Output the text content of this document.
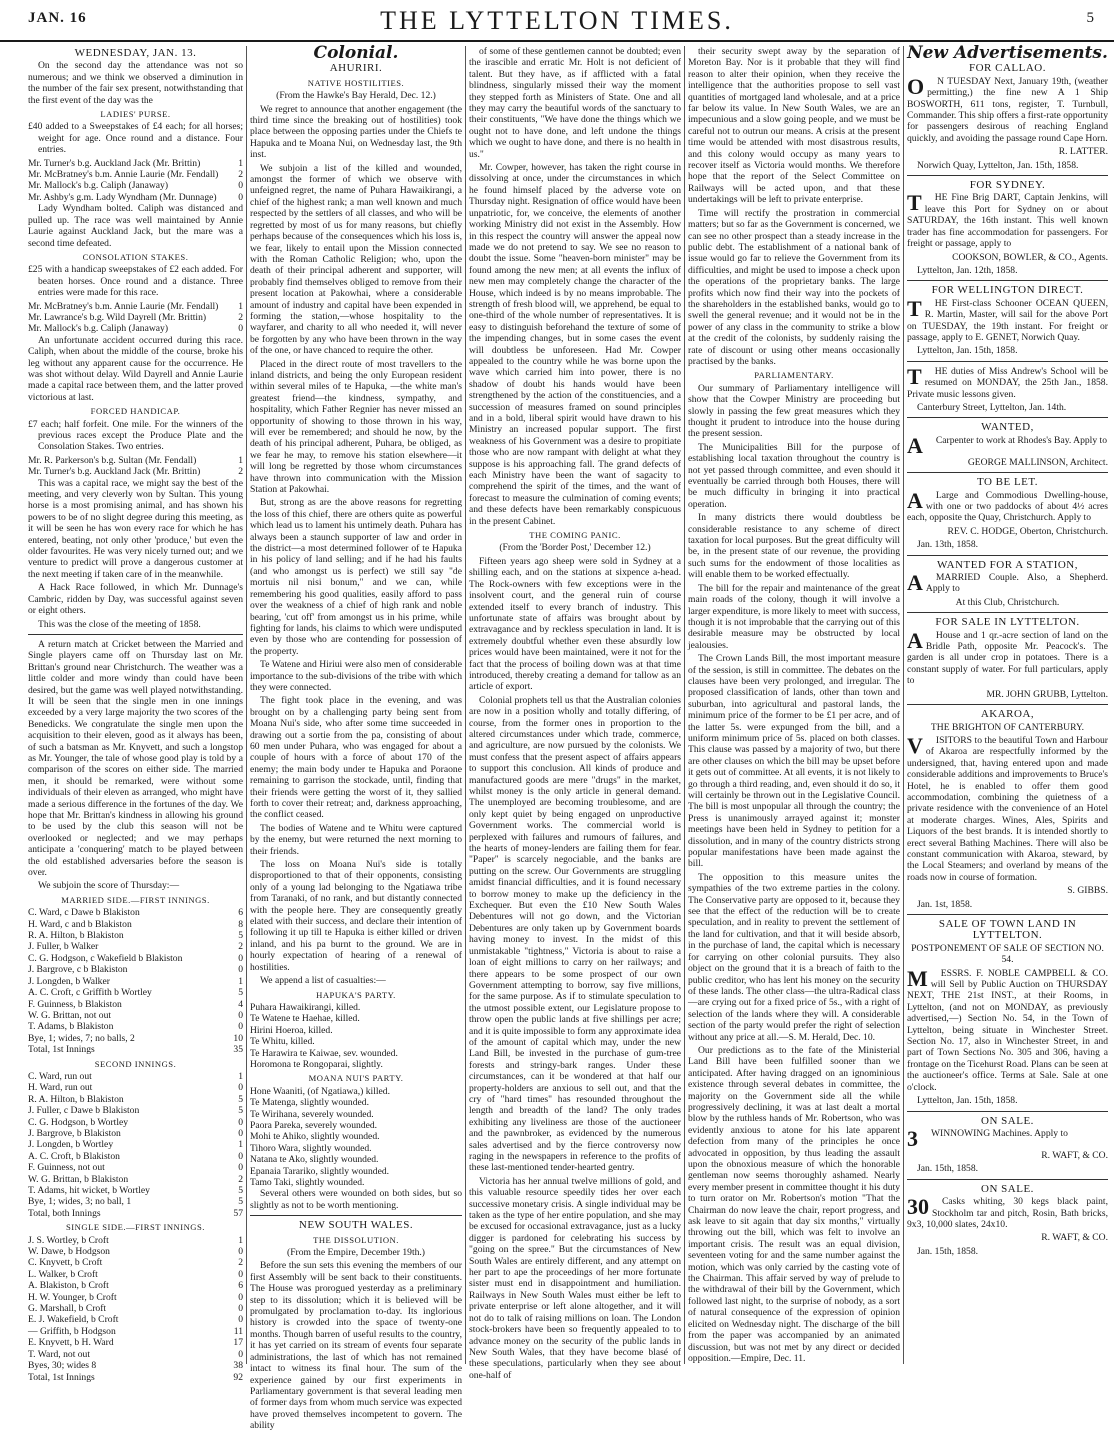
JAN. 16	THE LYTTELTON TIMES.	5

WEDNESDAY, JAN. 13.

On the second day the attendance was not so numerous; and we think we observed a diminution in the number of the fair sex present, notwithstanding that the first event of the day was the

LADIES' PURSE.

£40 added to a Sweepstakes of £4 each; for all horses; weight for age. Once round and a distance. Four entries.

Mr. Turner's b.g. Auckland Jack (Mr. Brittin)	1
Mr. McBratney's b.m. Annie Laurie (Mr. Fendall)	2
Mr. Mallock's b.g. Caliph (Janaway)	0
Mr. Ashby's g.m. Lady Wyndham (Mr. Dunnage)	0

Lady Wyndham bolted. Caliph was distanced and pulled up. The race was well maintained by Annie Laurie against Auckland Jack, but the mare was a second time defeated.

CONSOLATION STAKES.

£25 with a handicap sweepstakes of £2 each added. For beaten horses. Once round and a distance. Three entries were made for this race.

Mr. McBratney's b.m. Annie Laurie (Mr. Fendall)	1
Mr. Lawrance's b.g. Wild Dayrell (Mr. Brittin)	2
Mr. Mallock's b.g. Caliph (Janaway)	0

An unfortunate accident occurred during this race. Caliph, when about the middle of the course, broke his leg without any apparent cause for the occurrence. He was shot without delay. Wild Dayrell and Annie Laurie made a capital race between them, and the latter proved victorious at last.

FORCED HANDICAP.

£7 each; half forfeit. One mile. For the winners of the previous races except the Produce Plate and the Consolation Stakes. Two entries.

Mr. R. Parkerson's b.g. Sultan (Mr. Fendall)	1
Mr. Turner's b.g. Auckland Jack (Mr. Brittin)	2

This was a capital race, we might say the best of the meeting, and very cleverly won by Sultan. This young horse is a most promising animal, and has shown his powers to be of no slight degree during this meeting, as it will be seen he has won every race for which he has entered, beating, not only other 'produce,' but even the older favourites. He was very nicely turned out; and we venture to predict will prove a dangerous customer at the next meeting if taken care of in the meanwhile.

A Hack Race followed, in which Mr. Dunnage's Cambric, ridden by Day, was successful against seven or eight others.

This was the close of the meeting of 1858.

A return match at Cricket between the Married and Single players came off on Thursday last on Mr. Brittan's ground near Christchurch. The weather was a little colder and more windy than could have been desired, but the game was well played notwithstanding. It will be seen that the single men in one innings exceeded by a very large majority the two scores of the Benedicks. We congratulate the single men upon the acquisition to their eleven, good as it always has been, of such a batsman as Mr. Knyvett, and such a longstop as Mr. Younger, the tale of whose good play is told by a comparison of the scores on either side. The married men, it should be remarked, were without some individuals of their eleven as arranged, who might have made a serious difference in the fortunes of the day. We hope that Mr. Brittan's kindness in allowing his ground to be used by the club this season will not be overlooked or neglected; and we may perhaps anticipate a 'conquering' match to be played between the old established adversaries before the season is over.

We subjoin the score of Thursday:—

MARRIED SIDE.—FIRST INNINGS.

C. Ward, c Dawe b Blakiston	6
H. Ward, c and b Blakiston	8
R. A. Hilton, b Blakiston	5
J. Fuller, b Walker	2
C. G. Hodgson, c Wakefield b Blakiston	0
J. Bargrove, c b Blakiston	0
J. Longden, b Walker	1
A. C. Croft, c Griffith b Wortley	5
F. Guinness, b Blakiston	4
W. G. Brittan, not out	0
T. Adams, b Blakiston	0
Bye, 1; wides, 7; no balls, 2	10
Total, 1st Innings	35

SECOND INNINGS.

C. Ward, run out	1
H. Ward, run out	0
R. A. Hilton, b Blakiston	5
J. Fuller, c Dawe b Blakiston	5
C. G. Hodgson, b Wortley	0
J. Bargrove, b Blakiston	0
J. Longden, b Wortley	1
A. C. Croft, b Blakiston	0
F. Guinness, not out	0
W. G. Brittan, b Blakiston	2
T. Adams, hit wicket, b Wortley	5
Bye, 1; wides, 3; no ball, 1	5
Total, both Innings	57

SINGLE SIDE.—FIRST INNINGS.

J. S. Wortley, b Croft	1
W. Dawe, b Hodgson	0
C. Knyvett, b Croft	2
L. Walker, b Croft	0
A. Blakiston, b Croft	6
H. W. Younger, b Croft	0
G. Marshall, b Croft	0
E. J. Wakefield, b Croft	0
— Griffith, b Hodgson	11
E. Knyvett, b H. Ward	17
T. Ward, not out	0
Byes, 30; wides 8	38
Total, 1st Innings	92

Colonial.

AHURIRI.

NATIVE HOSTILITIES.

(From the Hawke's Bay Herald, Dec. 12.)

We regret to announce that another engagement (the third time since the breaking out of hostilities) took place between the opposing parties under the Chiefs te Hapuka and te Moana Nui, on Wednesday last, the 9th inst.

We subjoin a list of the killed and wounded, amongst the former of which we observe with unfeigned regret, the name of Puhara Hawaikirangi, a chief of the highest rank; a man well known and much respected by the settlers of all classes, and who will be regretted by most of us for many reasons, but chiefly perhaps because of the consequences which his loss is, we fear, likely to entail upon the Mission connected with the Roman Catholic Religion; who, upon the death of their principal adherent and supporter, will probably find themselves obliged to remove from their present location at Pakowhai, where a considerable amount of industry and capital have been expended in forming the station,—whose hospitality to the wayfarer, and charity to all who needed it, will never be forgotten by any who have been thrown in the way of the one, or have chanced to require the other.

Placed in the direct route of most travellers to the inland districts, and being the only European resident within several miles of te Hapuka, —the white man's greatest friend—the kindness, sympathy, and hospitality, which Father Regnier has never missed an opportunity of showing to those thrown in his way, will ever be remembered; and should he now, by the death of his principal adherent, Puhara, be obliged, as we fear he may, to remove his station elsewhere—it will long be regretted by those whom circumstances have thrown into communication with the Mission Station at Pakowhai.

But, strong as are the above reasons for regretting the loss of this chief, there are others quite as powerful which lead us to lament his untimely death. Puhara has always been a staunch supporter of law and order in the district—a most determined follower of te Hapuka in his policy of land selling; and if he had his faults (and who amongst us is perfect) we still say "de mortuis nil nisi bonum," and we can, while remembering his good qualities, easily afford to pass over the weakness of a chief of high rank and noble bearing, 'cut off' from amongst us in his prime, while fighting for lands, his claims to which were undisputed even by those who are contending for possession of the property.

Te Watene and Hiriui were also men of considerable importance to the sub-divisions of the tribe with which they were connected.

The fight took place in the evening, and was brought on by a challenging party being sent from Moana Nui's side, who after some time succeeded in drawing out a sortie from the pa, consisting of about 60 men under Puhara, who was engaged for about a couple of hours with a force of about 170 of the enemy; the main body under te Hapuka and Poraone remaining to garrison the stockade, until, finding that their friends were getting the worst of it, they sallied forth to cover their retreat; and, darkness approaching, the conflict ceased.

The bodies of Watene and te Whitu were captured by the enemy, but were returned the next morning to their friends.

The loss on Moana Nui's side is totally disproportioned to that of their opponents, consisting only of a young lad belonging to the Ngatiawa tribe from Taranaki, of no rank, and but distantly connected with the people here. They are consequently greatly elated with their success, and declare their intention of following it up till te Hapuka is either killed or driven inland, and his pa burnt to the ground. We are in hourly expectation of hearing of a renewal of hostilities.

We append a list of casualties:—

HAPUKA'S PARTY.

Puhara Hawaikirangi, killed.

Te Watene te Haehae, killed.

Hirini Hoeroa, killed.

Te Whitu, killed.

Te Harawira te Kaiwae, sev. wounded.

Horomona te Rongoparai, slightly.

MOANA NUI'S PARTY.

Hone Waaniti, (of Ngatiawa,) killed.

Te Matenga, slightly wounded.

Te Wirihana, severely wounded.

Paora Pareka, severely wounded.

Mohi te Ahiko, slightly wounded.

Tihoro Wara, slightly wounded.

Natana te Ako, slightly wounded.

Epanaia Tarariko, slightly wounded.

Tamo Taki, slightly wounded.

Several others were wounded on both sides, but so slightly as not to be worth mentioning.

NEW SOUTH WALES.

THE DISSOLUTION.

(From the Empire, December 19th.)

Before the sun sets this evening the members of our first Assembly will be sent back to their constituents. The House was prorogued yesterday as a preliminary step to its dissolution; which it is believed will be promulgated by proclamation to-day. Its inglorious history is crowded into the space of twenty-one months. Though barren of useful results to the country, it has yet carried on its stream of events four separate administrations, the last of which has not remained intact to witness its final hour. The sum of the experience gained by our first experiments in Parliamentary government is that several leading men of former days from whom much service was expected have proved themselves incompetent to govern. The ability

of some of these gentlemen cannot be doubted; even the irascible and erratic Mr. Holt is not deficient of talent. But they have, as if afflicted with a fatal blindness, singularly missed their way the moment they stepped forth as Ministers of State. One and all they may carry the beautiful words of the sanctuary to their constituents, "We have done the things which we ought not to have done, and left undone the things which we ought to have done, and there is no health in us."

Mr. Cowper, however, has taken the right course in dissolving at once, under the circumstances in which he found himself placed by the adverse vote on Thursday night. Resignation of office would have been unpatriotic, for, we conceive, the elements of another working Ministry did not exist in the Assembly. How in this respect the country will answer the appeal now made we do not pretend to say. We see no reason to doubt the issue. Some "heaven-born minister" may be found among the new men; at all events the influx of new men may completely change the character of the House, which indeed is by no means improbable. The strength of fresh blood will, we apprehend, be equal to one-third of the whole number of representatives. It is easy to distinguish beforehand the texture of some of the impending changes, but in some cases the event will doubtless be unforeseen. Had Mr. Cowper appealed to the country while he was borne upon the wave which carried him into power, there is no shadow of doubt his hands would have been strengthened by the action of the constituencies, and a succession of measures framed on sound principles and in a bold, liberal spirit would have drawn to his Ministry an increased popular support. The first weakness of his Government was a desire to propitiate those who are now rampant with delight at what they suppose is his approaching fall. The grand defects of each Ministry have been the want of sagacity to comprehend the spirit of the times, and the want of forecast to measure the culmination of coming events; and these defects have been remarkably conspicuous in the present Cabinet.

THE COMING PANIC.

(From the 'Border Post,' December 12.)

Fifteen years ago sheep were sold in Sydney at a shilling each, and on the stations at sixpence a-head. The Rock-owners with few exceptions were in the insolvent court, and the general ruin of course extended itself to every branch of industry. This unfortunate state of affairs was brought about by extravagance and by reckless speculation in land. It is extremely doubtful whether even these absurdly low prices would have been maintained, were it not for the fact that the process of boiling down was at that time introduced, thereby creating a demand for tallow as an article of export.

Colonial prophets tell us that the Australian colonies are now in a position wholly and totally differing, of course, from the former ones in proportion to the altered circumstances under which trade, commerce, and agriculture, are now pursued by the colonists. We must confess that the present aspect of affairs appears to support this conclusion. All kinds of produce and manufactured goods are mere "drugs" in the market, whilst money is the only article in general demand. The unemployed are becoming troublesome, and are only kept quiet by being engaged on unproductive Government works. The commercial world is perplexed with failures and rumours of failures, and the hearts of money-lenders are failing them for fear. "Paper" is scarcely negociable, and the banks are putting on the screw. Our Governments are struggling amidst financial difficulties, and it is found necessary to borrow money to make up the deficiency in the Exchequer. But even the £10 New South Wales Debentures will not go down, and the Victorian Debentures are only taken up by Government boards having money to invest. In the midst of this unmistakable "tightness," Victoria is about to raise a loan of eight millions to carry on her railways; and there appears to be some prospect of our own Government attempting to borrow, say five millions, for the same purpose. As if to stimulate speculation to the utmost possible extent, our Legislature propose to throw open the public lands at five shillings per acre; and it is quite impossible to form any approximate idea of the amount of capital which may, under the new Land Bill, be invested in the purchase of gum-tree forests and stringy-bark ranges. Under these circumstances, can it be wondered at that half our property-holders are anxious to sell out, and that the cry of "hard times" has resounded throughout the length and breadth of the land? The only trades exhibiting any liveliness are those of the auctioneer and the pawnbroker, as evidenced by the numerous sales advertised and by the fierce controversy now raging in the newspapers in reference to the profits of these last-mentioned tender-hearted gentry.

Victoria has her annual twelve millions of gold, and this valuable resource speedily tides her over each successive monetary crisis. A single individual may be taken as the type of her entire population, and she may be excused for occasional extravagance, just as a lucky digger is pardoned for celebrating his success by "going on the spree." But the circumstances of New South Wales are entirely different, and any attempt on her part to ape the proceedings of her more fortunate sister must end in disappointment and humiliation. Railways in New South Wales must either be left to private enterprise or left alone altogether, and it will not do to talk of raising millions on loan. The London stock-brokers have been so frequently appealed to to advance money on the security of the public lands in New South Wales, that they have become blasé of these speculations, particularly when they see about one-half of

their security swept away by the separation of Moreton Bay. Nor is it probable that they will find reason to alter their opinion, when they receive the intelligence that the authorities propose to sell vast quantities of mortgaged land wholesale, and at a price far below its value. In New South Wales, we are an impecunious and a slow going people, and we must be careful not to outrun our means. A crisis at the present time would be attended with most disastrous results, and this colony would occupy as many years to recover itself as Victoria would months. We therefore hope that the report of the Select Committee on Railways will be acted upon, and that these undertakings will be left to private enterprise.

Time will rectify the prostration in commercial matters; but so far as the Government is concerned, we can see no other prospect than a steady increase in the public debt. The establishment of a national bank of issue would go far to relieve the Government from its difficulties, and might be used to impose a check upon the operations of the proprietary banks. The large profits which now find their way into the pockets of the shareholders in the established banks, would go to swell the general revenue; and it would not be in the power of any class in the community to strike a blow at the credit of the colonists, by suddenly raising the rate of discount or using other means occasionally practised by the banks.

PARLIAMENTARY.

Our summary of Parliamentary intelligence will show that the Cowper Ministry are proceeding but slowly in passing the few great measures which they thought it prudent to introduce into the house during the present session.

The Municipalities Bill for the purpose of establishing local taxation throughout the country is not yet passed through committee, and even should it eventually be carried through both Houses, there will be much difficulty in bringing it into practical operation.

In many districts there would doubtless be considerable resistance to any scheme of direct taxation for local purposes. But the great difficulty will be, in the present state of our revenue, the providing such sums for the endowment of those localities as will enable them to be worked effectually.

The bill for the repair and maintenance of the great main roads of the colony, though it will involve a larger expenditure, is more likely to meet with success, though it is not improbable that the carrying out of this desirable measure may be obstructed by local jealousies.

The Crown Lands Bill, the most important measure of the session, is still in committee. The debates on the clauses have been very prolonged, and irregular. The proposed classification of lands, other than town and suburban, into agricultural and pastoral lands, the minimum price of the former to be £1 per acre, and of the latter 5s. were expunged from the bill, and a uniform minimum price of 5s. placed on both classes. This clause was passed by a majority of two, but there are other clauses on which the bill may be upset before it gets out of committee. At all events, it is not likely to go through a third reading, and, even should it do so, it will certainly be thrown out in the Legislative Council. The bill is most unpopular all through the country; the Press is unanimously arrayed against it; monster meetings have been held in Sydney to petition for a dissolution, and in many of the country districts strong popular manifestations have been made against the bill.

The opposition to this measure unites the sympathies of the two extreme parties in the colony. The Conservative party are opposed to it, because they see that the effect of the reduction will be to create speculation, and in reality to prevent the settlement of the land for cultivation, and that it will beside absorb, in the purchase of land, the capital which is necessary for carrying on other colonial pursuits. They also object on the ground that it is a breach of faith to the public creditor, who has lent his money on the security of these lands. The other class—the ultra-Radical class—are crying out for a fixed price of 5s., with a right of selection of the lands where they will. A considerable section of the party would prefer the right of selection without any price at all.—S. M. Herald, Dec. 10.

Our predictions as to the fate of the Ministerial Land Bill have been fulfilled sooner than we anticipated. After having dragged on an ignominious existence through several debates in committee, the majority on the Government side all the while progressively declining, it was at last dealt a mortal blow by the ruthless hands of Mr. Robertson, who was evidently anxious to atone for his late apparent defection from many of the principles he once advocated in opposition, by thus leading the assault upon the obnoxious measure of which the honorable gentleman now seems thoroughly ashamed. Nearly every member present in committee thought it his duty to turn orator on Mr. Robertson's motion "That the Chairman do now leave the chair, report progress, and ask leave to sit again that day six months," virtually throwing out the bill, which was felt to involve an important crisis. The result was an equal division, seventeen voting for and the same number against the motion, which was only carried by the casting vote of the Chairman. This affair served by way of prelude to the withdrawal of their bill by the Government, which followed last night, to the surprise of nobody, as a sort of natural consequence of the expression of opinion elicited on Wednesday night. The discharge of the bill from the paper was accompanied by an animated discussion, but was not met by any direct or decided opposition.—Empire, Dec. 11.

New Advertisements.

FOR CALLAO.

O	N TUESDAY Next, January 19th, (weather permitting,) the fine new A 1 Ship BOSWORTH, 611 tons, register, T. Turnbull, Commander. This ship offers a first-rate opportunity for passengers desirous of reaching England quickly, and avoiding the passage round Cape Horn.

R. LATTER.

Norwich Quay, Lyttelton, Jan. 15th, 1858.

FOR SYDNEY.

T	HE Fine Brig DART, Captain Jenkins, will leave this Port for Sydney on or about SATURDAY, the 16th instant. This well known trader has fine accommodation for passengers. For freight or passage, apply to

COOKSON, BOWLER, & CO., Agents.

Lyttelton, Jan. 12th, 1858.

FOR WELLINGTON DIRECT.

T	HE First-class Schooner OCEAN QUEEN, R. Martin, Master, will sail for the above Port on TUESDAY, the 19th instant. For freight or passage, apply to E. GENET, Norwich Quay.

Lyttelton, Jan. 15th, 1858.

T	HE duties of Miss Andrew's School will be resumed on MONDAY, the 25th Jan., 1858. Private music lessons given.

Canterbury Street, Lyttelton, Jan. 14th.

WANTED,

A	Carpenter to work at Rhodes's Bay. Apply to

GEORGE MALLINSON, Architect.

TO BE LET.

A	Large and Commodious Dwelling-house, with one or two paddocks of about 4½ acres each, opposite the Quay, Christchurch. Apply to

REV. C. HODGE, Oberton, Christchurch.

Jan. 13th, 1858.

WANTED FOR A STATION,

A	MARRIED Couple. Also, a Shepherd. Apply to

At this Club, Christchurch.

FOR SALE IN LYTTELTON.

A	House and 1 qr.-acre section of land on the Bridle Path, opposite Mr. Peacock's. The garden is all under crop in potatoes. There is a constant supply of water. For full particulars, apply to

MR. JOHN GRUBB, Lyttelton.

AKAROA,

THE BRIGHTON OF CANTERBURY.

V	ISITORS to the beautiful Town and Harbour of Akaroa are respectfully informed by the undersigned, that, having entered upon and made considerable additions and improvements to Bruce's Hotel, he is enabled to offer them good accommodation, combining the quietness of a private residence with the convenience of an Hotel at moderate charges. Wines, Ales, Spirits and Liquors of the best brands. It is intended shortly to erect several Bathing Machines. There will also be constant communication with Akaroa, steward, by the Local Steamers; and overland by means of the roads now in course of formation.

S. GIBBS.

Jan. 1st, 1858.

SALE OF TOWN LAND IN LYTTELTON.

POSTPONEMENT OF SALE OF SECTION NO. 54.

M	ESSRS. F. NOBLE CAMPBELL & CO. will Sell by Public Auction on THURSDAY NEXT, THE 21st INST., at their Rooms, in Lyttelton, (and not on MONDAY, as previously advertised,—) Section No. 54, in the Town of Lyttelton, being situate in Winchester Street. Section No. 17, also in Winchester Street, in and part of Town Sections No. 305 and 306, having a frontage on the Ticehurst Road. Plans can be seen at the auctioneer's office. Terms at Sale. Sale at one o'clock.

Lyttelton, Jan. 15th, 1858.

ON SALE.

3	WINNOWING Machines. Apply to

R. WAFT, & CO.

Jan. 15th, 1858.

ON SALE.

30	Casks whiting, 30 kegs black paint, Stockholm tar and pitch, Rosin, Bath bricks, 9x3, 10,000 slates, 24x10.

R. WAFT, & CO.

Jan. 15th, 1858.
